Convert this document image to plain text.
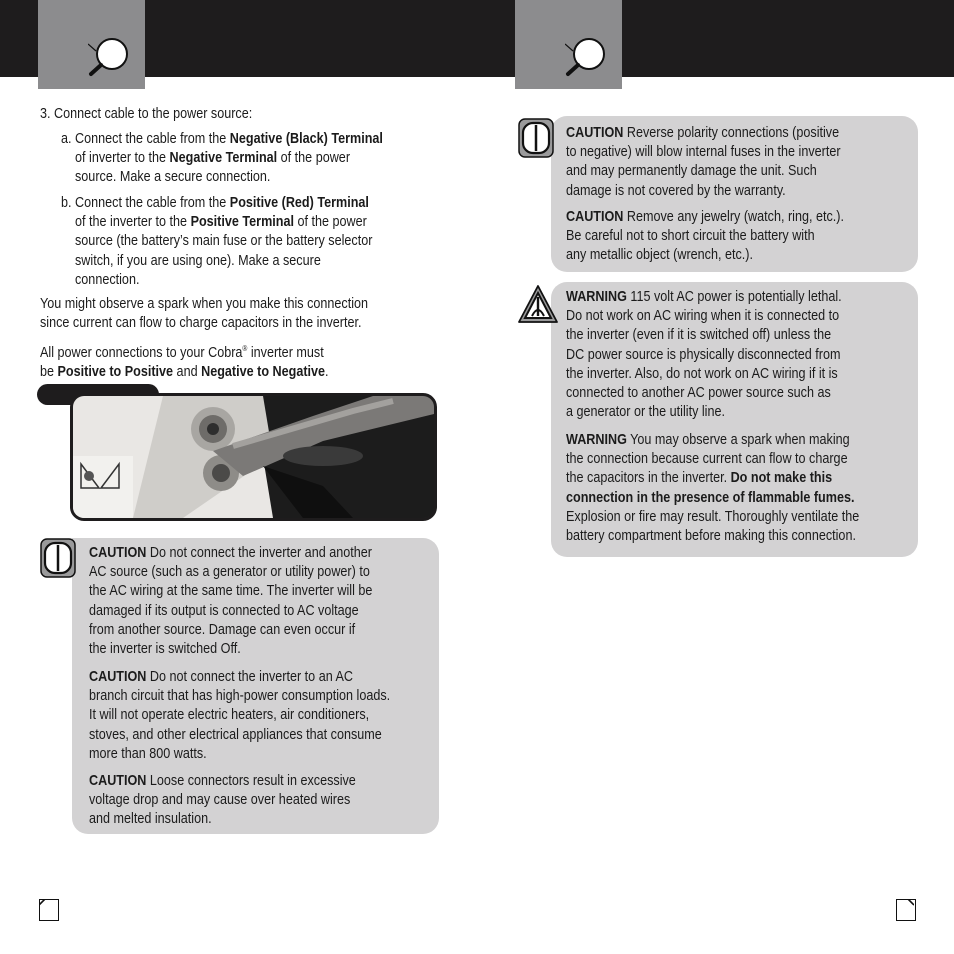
3. Connect cable to the power source:
a. Connect the cable from the Negative (Black) Terminal
of inverter to the Negative Terminal of the power
source. Make a secure connection.
b. Connect the cable from the Positive (Red) Terminal
of the inverter to the Positive Terminal of the power
source (the battery’s main fuse or the battery selector
switch, if you are using one). Make a secure
connection.
You might observe a spark when you make this connection
since current can flow to charge capacitors in the inverter.
All power connections to your Cobra® inverter must
be Positive to Positive and Negative to Negative.
CAUTION Do not connect the inverter and another
AC source (such as a generator or utility power) to
the AC wiring at the same time. The inverter will be
damaged if its output is connected to AC voltage
from another source. Damage can even occur if
the inverter is switched Off.
CAUTION Do not connect the inverter to an AC
branch circuit that has high-power consumption loads.
It will not operate electric heaters, air conditioners,
stoves, and other electrical appliances that consume
more than 800 watts.
CAUTION Loose connectors result in excessive
voltage drop and may cause over heated wires
and melted insulation.
CAUTION Reverse polarity connections (positive
to negative) will blow internal fuses in the inverter
and may permanently damage the unit. Such
damage is not covered by the warranty.
CAUTION Remove any jewelry (watch, ring, etc.).
Be careful not to short circuit the battery with
any metallic object (wrench, etc.).
WARNING 115 volt AC power is potentially lethal.
Do not work on AC wiring when it is connected to
the inverter (even if it is switched off) unless the
DC power source is physically disconnected from
the inverter. Also, do not work on AC wiring if it is
connected to another AC power source such as
a generator or the utility line.
WARNING You may observe a spark when making
the connection because current can flow to charge
the capacitors in the inverter. Do not make this
connection in the presence of flammable fumes.
Explosion or fire may result. Thoroughly ventilate the
battery compartment before making this connection.
